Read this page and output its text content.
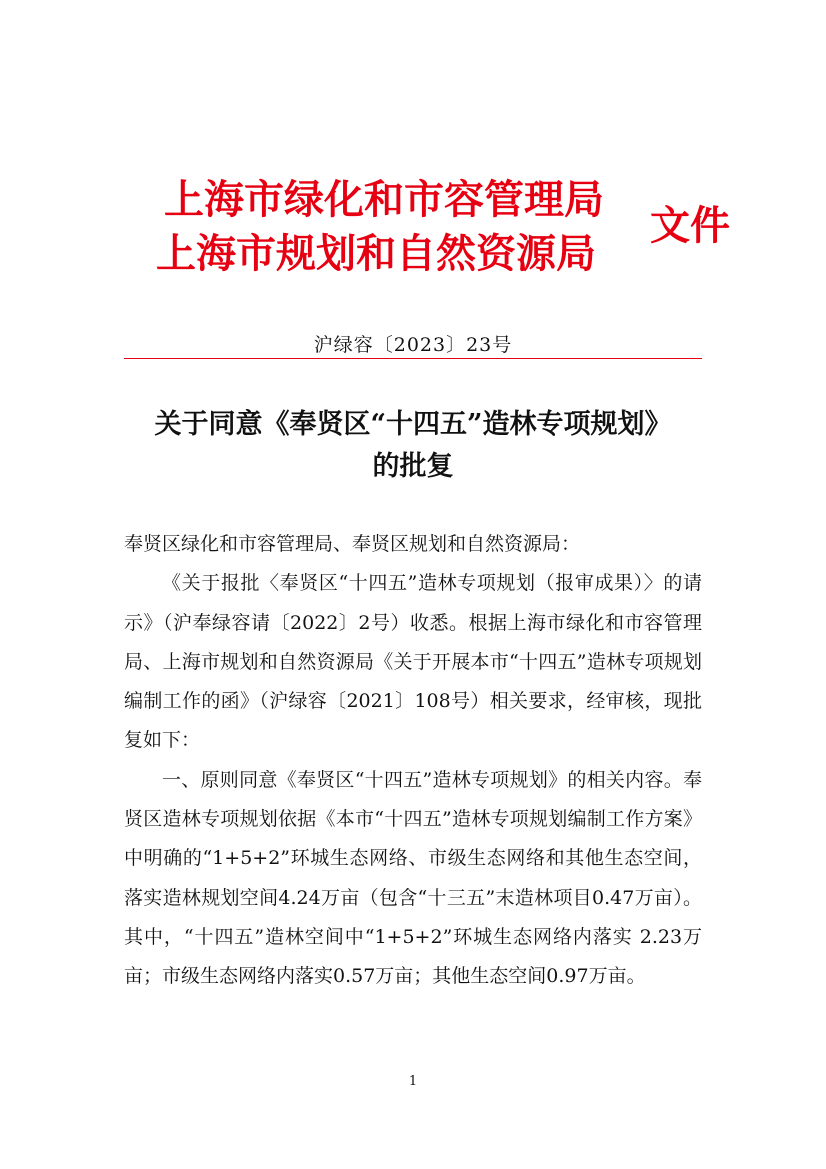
上海市绿化和市容管理局
上海市规划和自然资源局
文件
沪绿容〔2023〕23号
关于同意《奉贤区“十四五”造林专项规划》
的批复

奉贤区绿化和市容管理局、奉贤区规划和自然资源局：

《关于报批〈奉贤区“十四五”造林专项规划（报审成果）〉的请示》（沪奉绿容请〔2022〕2号）收悉。根据上海市绿化和市容管理局、上海市规划和自然资源局《关于开展本市“十四五”造林专项规划编制工作的函》（沪绿容〔2021〕108号）相关要求，经审核，现批复如下：

一、原则同意《奉贤区“十四五”造林专项规划》的相关内容。奉贤区造林专项规划依据《本市“十四五”造林专项规划编制工作方案》中明确的“1+5+2”环城生态网络、市级生态网络和其他生态空间，落实造林规划空间4.24万亩（包含“十三五”末造林项目0.47万亩）。其中，“十四五”造林空间中“1+5+2”环城生态网络内落实 2.23万亩；市级生态网络内落实0.57万亩；其他生态空间0.97万亩。

1
